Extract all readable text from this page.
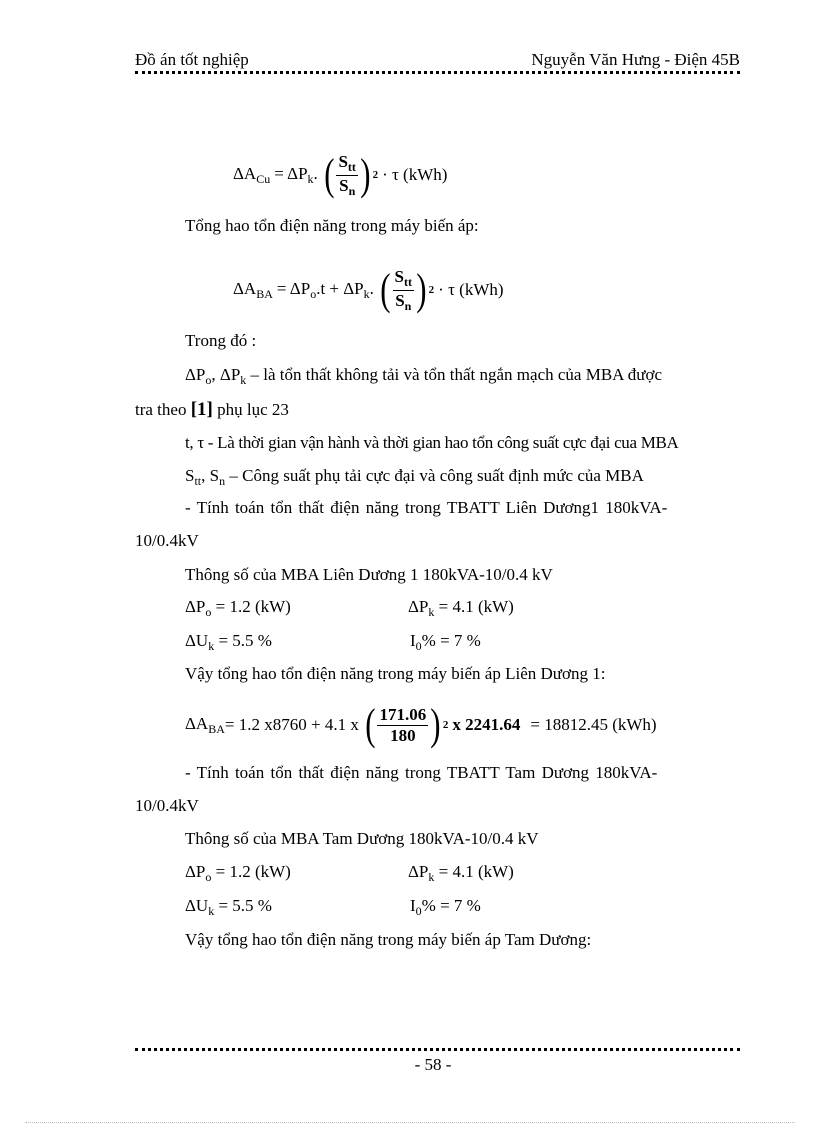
Đồ án tốt nghiệp	Nguyễn Văn Hưng - Điện 45B
$\Delta A_{Cu} = \Delta P_k$. ( $\frac{S_{tt}}{S_n}$ ) 2 · τ (kWh)
Tổng hao tổn điện năng trong máy biến áp:
$\Delta A_{BA} = \Delta P_o.t + \Delta P_k$. ( $\frac{S_{tt}}{S_n}$ ) 2 · τ (kWh)
Trong đó :
$\Delta P_o$, $\Delta P_k$ – là tổn thất không tải và tổn thất ngắn mạch của MBA được
tra theo [1] phụ lục 23
t, τ - Là thời gian vận hành và thời gian hao tổn công suất cực đại cua MBA
$S_{tt}$, $S_n$ – Công suất phụ tải cực đại và công suất định mức của MBA
- Tính toán tổn thất điện năng trong TBATT Liên Dương1 180kVA-
10/0.4kV
Thông số của MBA Liên Dương 1 180kVA-10/0.4 kV
$\Delta P_o = 1.2$ (kW)	$\Delta P_k = 4.1$ (kW)
$\Delta U_k = 5.5$ %	$I_0\% = 7$ %
Vậy tổng hao tổn điện năng trong máy biến áp Liên Dương 1:
$\Delta A_{BA} = 1.2$ x8760 + 4.1 x ( $\frac{171.06}{180}$ ) 2 x 2241.64 = 18812.45 (kWh)
- Tính toán tổn thất điện năng trong TBATT Tam Dương 180kVA-
10/0.4kV
Thông số của MBA Tam Dương 180kVA-10/0.4 kV
$\Delta P_o = 1.2$ (kW)	$\Delta P_k = 4.1$ (kW)
$\Delta U_k = 5.5$ %	$I_0\% = 7$ %
Vậy tổng hao tổn điện năng trong máy biến áp Tam Dương:
- 58 -
